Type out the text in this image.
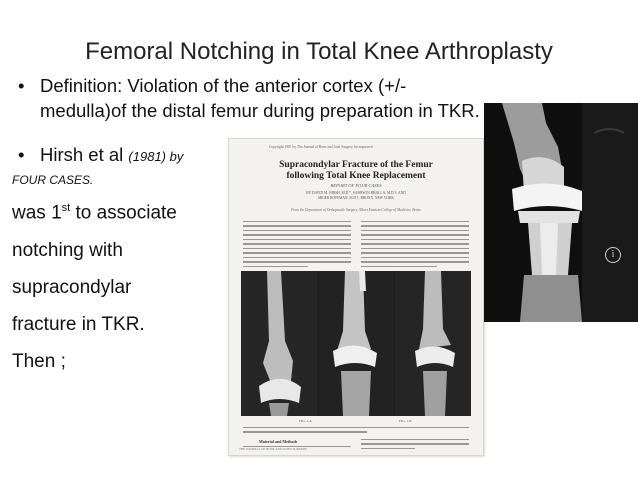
Femoral Notching in Total Knee Arthroplasty
• Definition: Violation of the anterior cortex (+/-
medulla)of the distal femur during preparation in TKR.
• Hirsh et al (1981) by
FOUR CASES.
was 1st to associate
notching with
supracondylar
fracture in TKR.
Then ;
Copyright 1981 by The Journal of Bone and Joint Surgery, Incorporated
Supracondylar Fracture of the Femur
following Total Knee Replacement
REPORT OF FOUR CASES
BY DAVID M. HIRSH, M.D.*, SAMPSON BHALLA, M.D.†, AND
MEIER ROFFMAN, M.D.†, BRONX, NEW YORK
From the Department of Orthopaedic Surgery, Albert Einstein College of Medicine, Bronx
FIG. 1-A	FIG. 1-B
Material and Methods
THE JOURNAL OF BONE AND JOINT SURGERY
i
